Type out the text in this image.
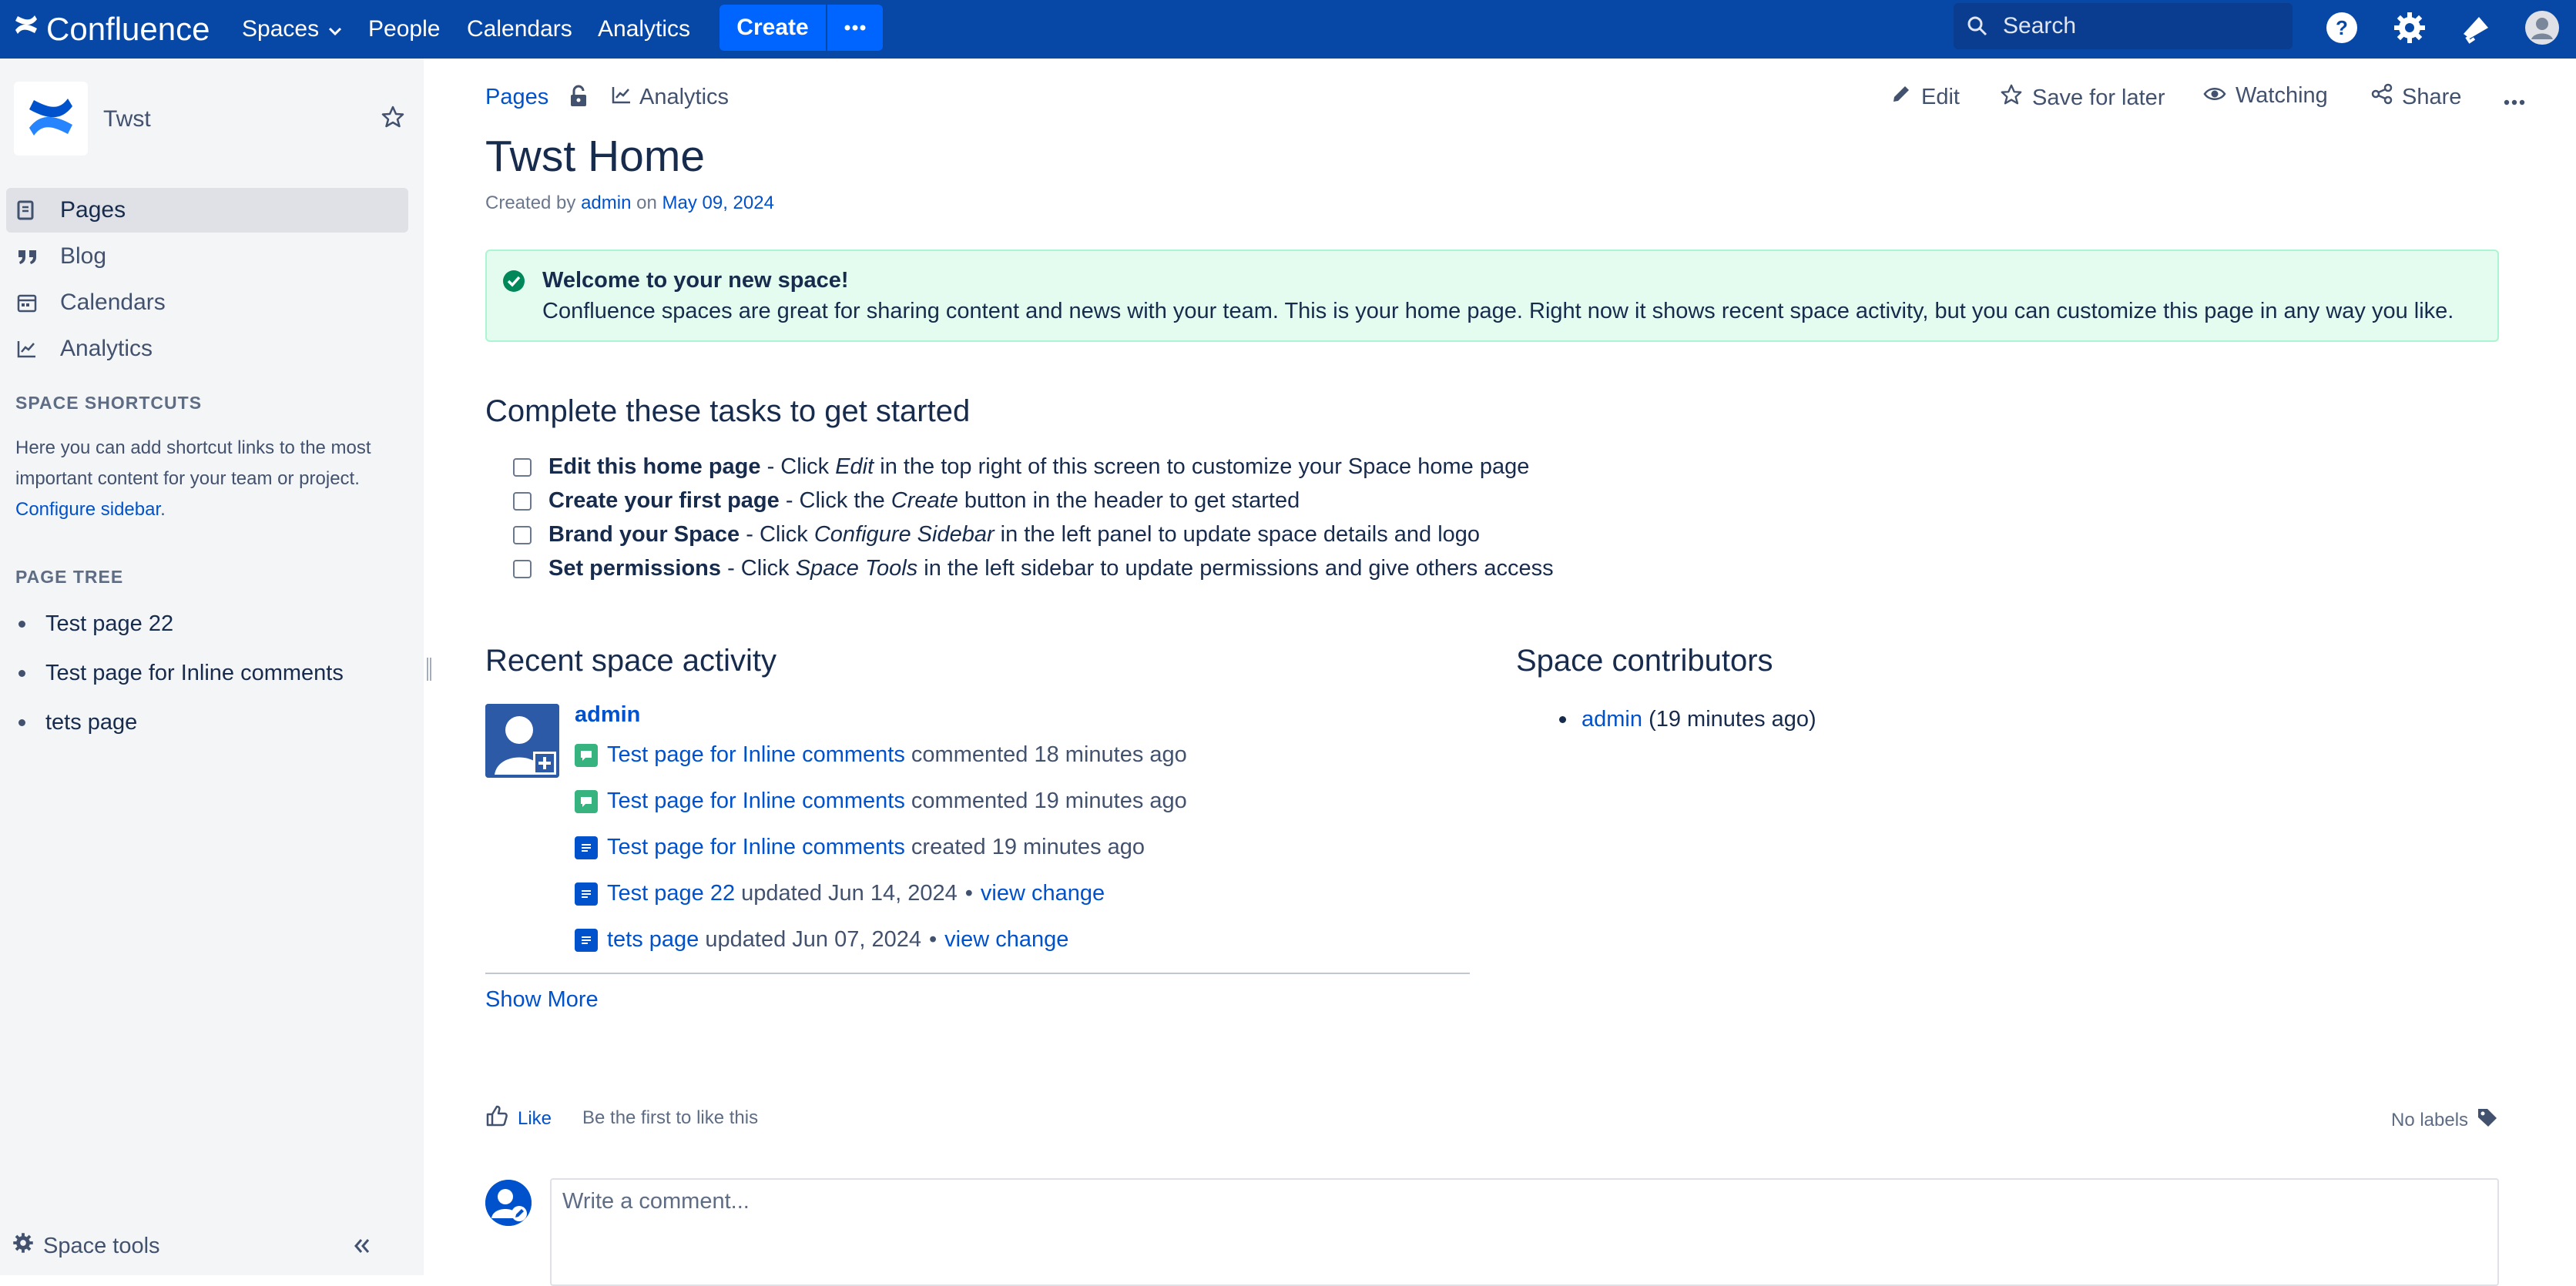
Confluence Spaces People Calendars Analytics	Create
Search	?
Twst
Pages
Blog
Calendars
Analytics
SPACE SHORTCUTS
Here you can add shortcut links to the most important content for your team or project. Configure sidebar.
PAGE TREE
Test page 22
Test page for Inline comments
tets page
Space tools
Pages	Analytics	Edit	Save for later	Watching	Share
Twst Home
Created by admin on May 09, 2024
Welcome to your new space!
Confluence spaces are great for sharing content and news with your team. This is your home page. Right now it shows recent space activity, but you can customize this page in any way you like.
Complete these tasks to get started
Edit this home page - Click Edit in the top right of this screen to customize your Space home page
Create your first page - Click the Create button in the header to get started
Brand your Space - Click Configure Sidebar in the left panel to update space details and logo
Set permissions - Click Space Tools in the left sidebar to update permissions and give others access
Recent space activity
admin
Test page for Inline comments
commented 18 minutes ago
Test page for Inline comments
commented 19 minutes ago
Test page for Inline comments
created 19 minutes ago
Test page 22
updated Jun 14, 2024 • view change
tets page
updated Jun 07, 2024 • view change
Show More
Space contributors
admin
(19 minutes ago)
Like Be the first to like this	No labels
Write a comment...
